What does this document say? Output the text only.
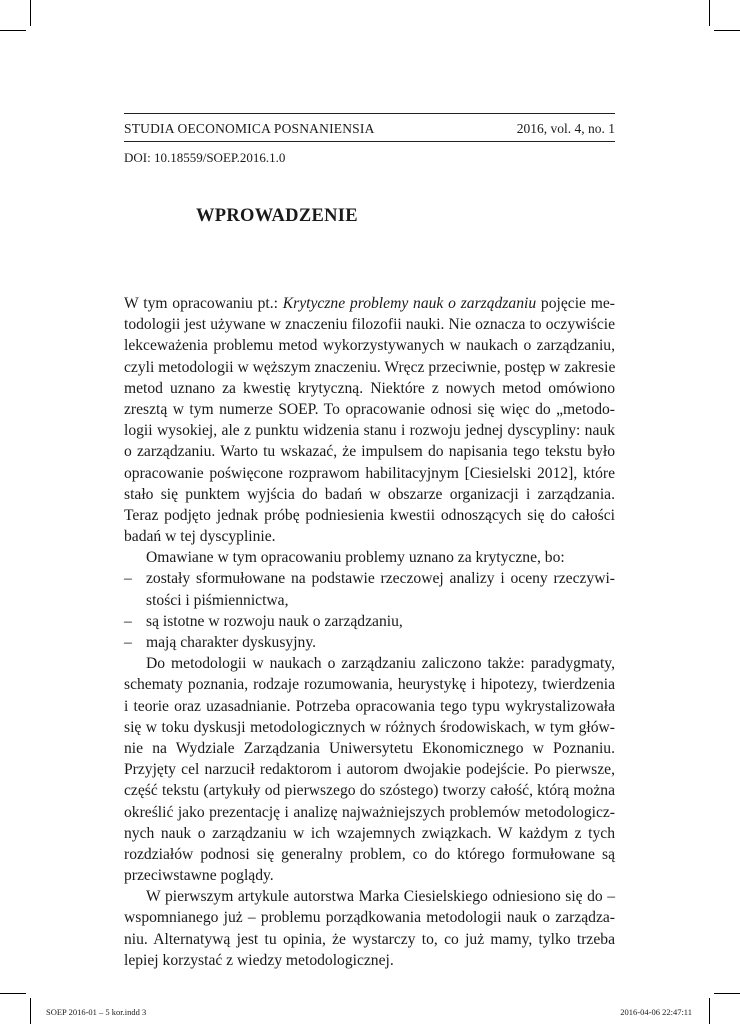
STUDIA OECONOMICA POSNANIENSIA	2016, vol. 4, no. 1
DOI: 10.18559/SOEP.2016.1.0
WPROWADZENIE
W tym opracowaniu pt.: Krytyczne problemy nauk o zarządzaniu pojęcie me-
todologii jest używane w znaczeniu filozofii nauki. Nie oznacza to oczywiście
lekceważenia problemu metod wykorzystywanych w naukach o zarządzaniu,
czyli metodologii w węższym znaczeniu. Wręcz przeciwnie, postęp w zakresie
metod uznano za kwestię krytyczną. Niektóre z nowych metod omówiono
zresztą w tym numerze SOEP. To opracowanie odnosi się więc do „metodo-
logii wysokiej, ale z punktu widzenia stanu i rozwoju jednej dyscypliny: nauk
o zarządzaniu. Warto tu wskazać, że impulsem do napisania tego tekstu było
opracowanie poświęcone rozprawom habilitacyjnym [Ciesielski 2012], które
stało się punktem wyjścia do badań w obszarze organizacji i zarządzania.
Teraz podjęto jednak próbę podniesienia kwestii odnoszących się do całości
badań w tej dyscyplinie.
Omawiane w tym opracowaniu problemy uznano za krytyczne, bo:
– zostały sformułowane na podstawie rzeczowej analizy i oceny rzeczywi-
stości i piśmiennictwa,
– są istotne w rozwoju nauk o zarządzaniu,
– mają charakter dyskusyjny.
Do metodologii w naukach o zarządzaniu zaliczono także: paradygmaty,
schematy poznania, rodzaje rozumowania, heurystykę i hipotezy, twierdzenia
i teorie oraz uzasadnianie. Potrzeba opracowania tego typu wykrystalizowała
się w toku dyskusji metodologicznych w różnych środowiskach, w tym głów-
nie na Wydziale Zarządzania Uniwersytetu Ekonomicznego w Poznaniu.
Przyjęty cel narzucił redaktorom i autorom dwojakie podejście. Po pierwsze,
część tekstu (artykuły od pierwszego do szóstego) tworzy całość, którą można
określić jako prezentację i analizę najważniejszych problemów metodologicz-
nych nauk o zarządzaniu w ich wzajemnych związkach. W każdym z tych
rozdziałów podnosi się generalny problem, co do którego formułowane są
przeciwstawne poglądy.
W pierwszym artykule autorstwa Marka Ciesielskiego odniesiono się do –
wspomnianego już – problemu porządkowania metodologii nauk o zarządza-
niu. Alternatywą jest tu opinia, że wystarczy to, co już mamy, tylko trzeba
lepiej korzystać z wiedzy metodologicznej.
SOEP 2016-01 – 5 kor.indd 3	2016-04-06 22:47:11
